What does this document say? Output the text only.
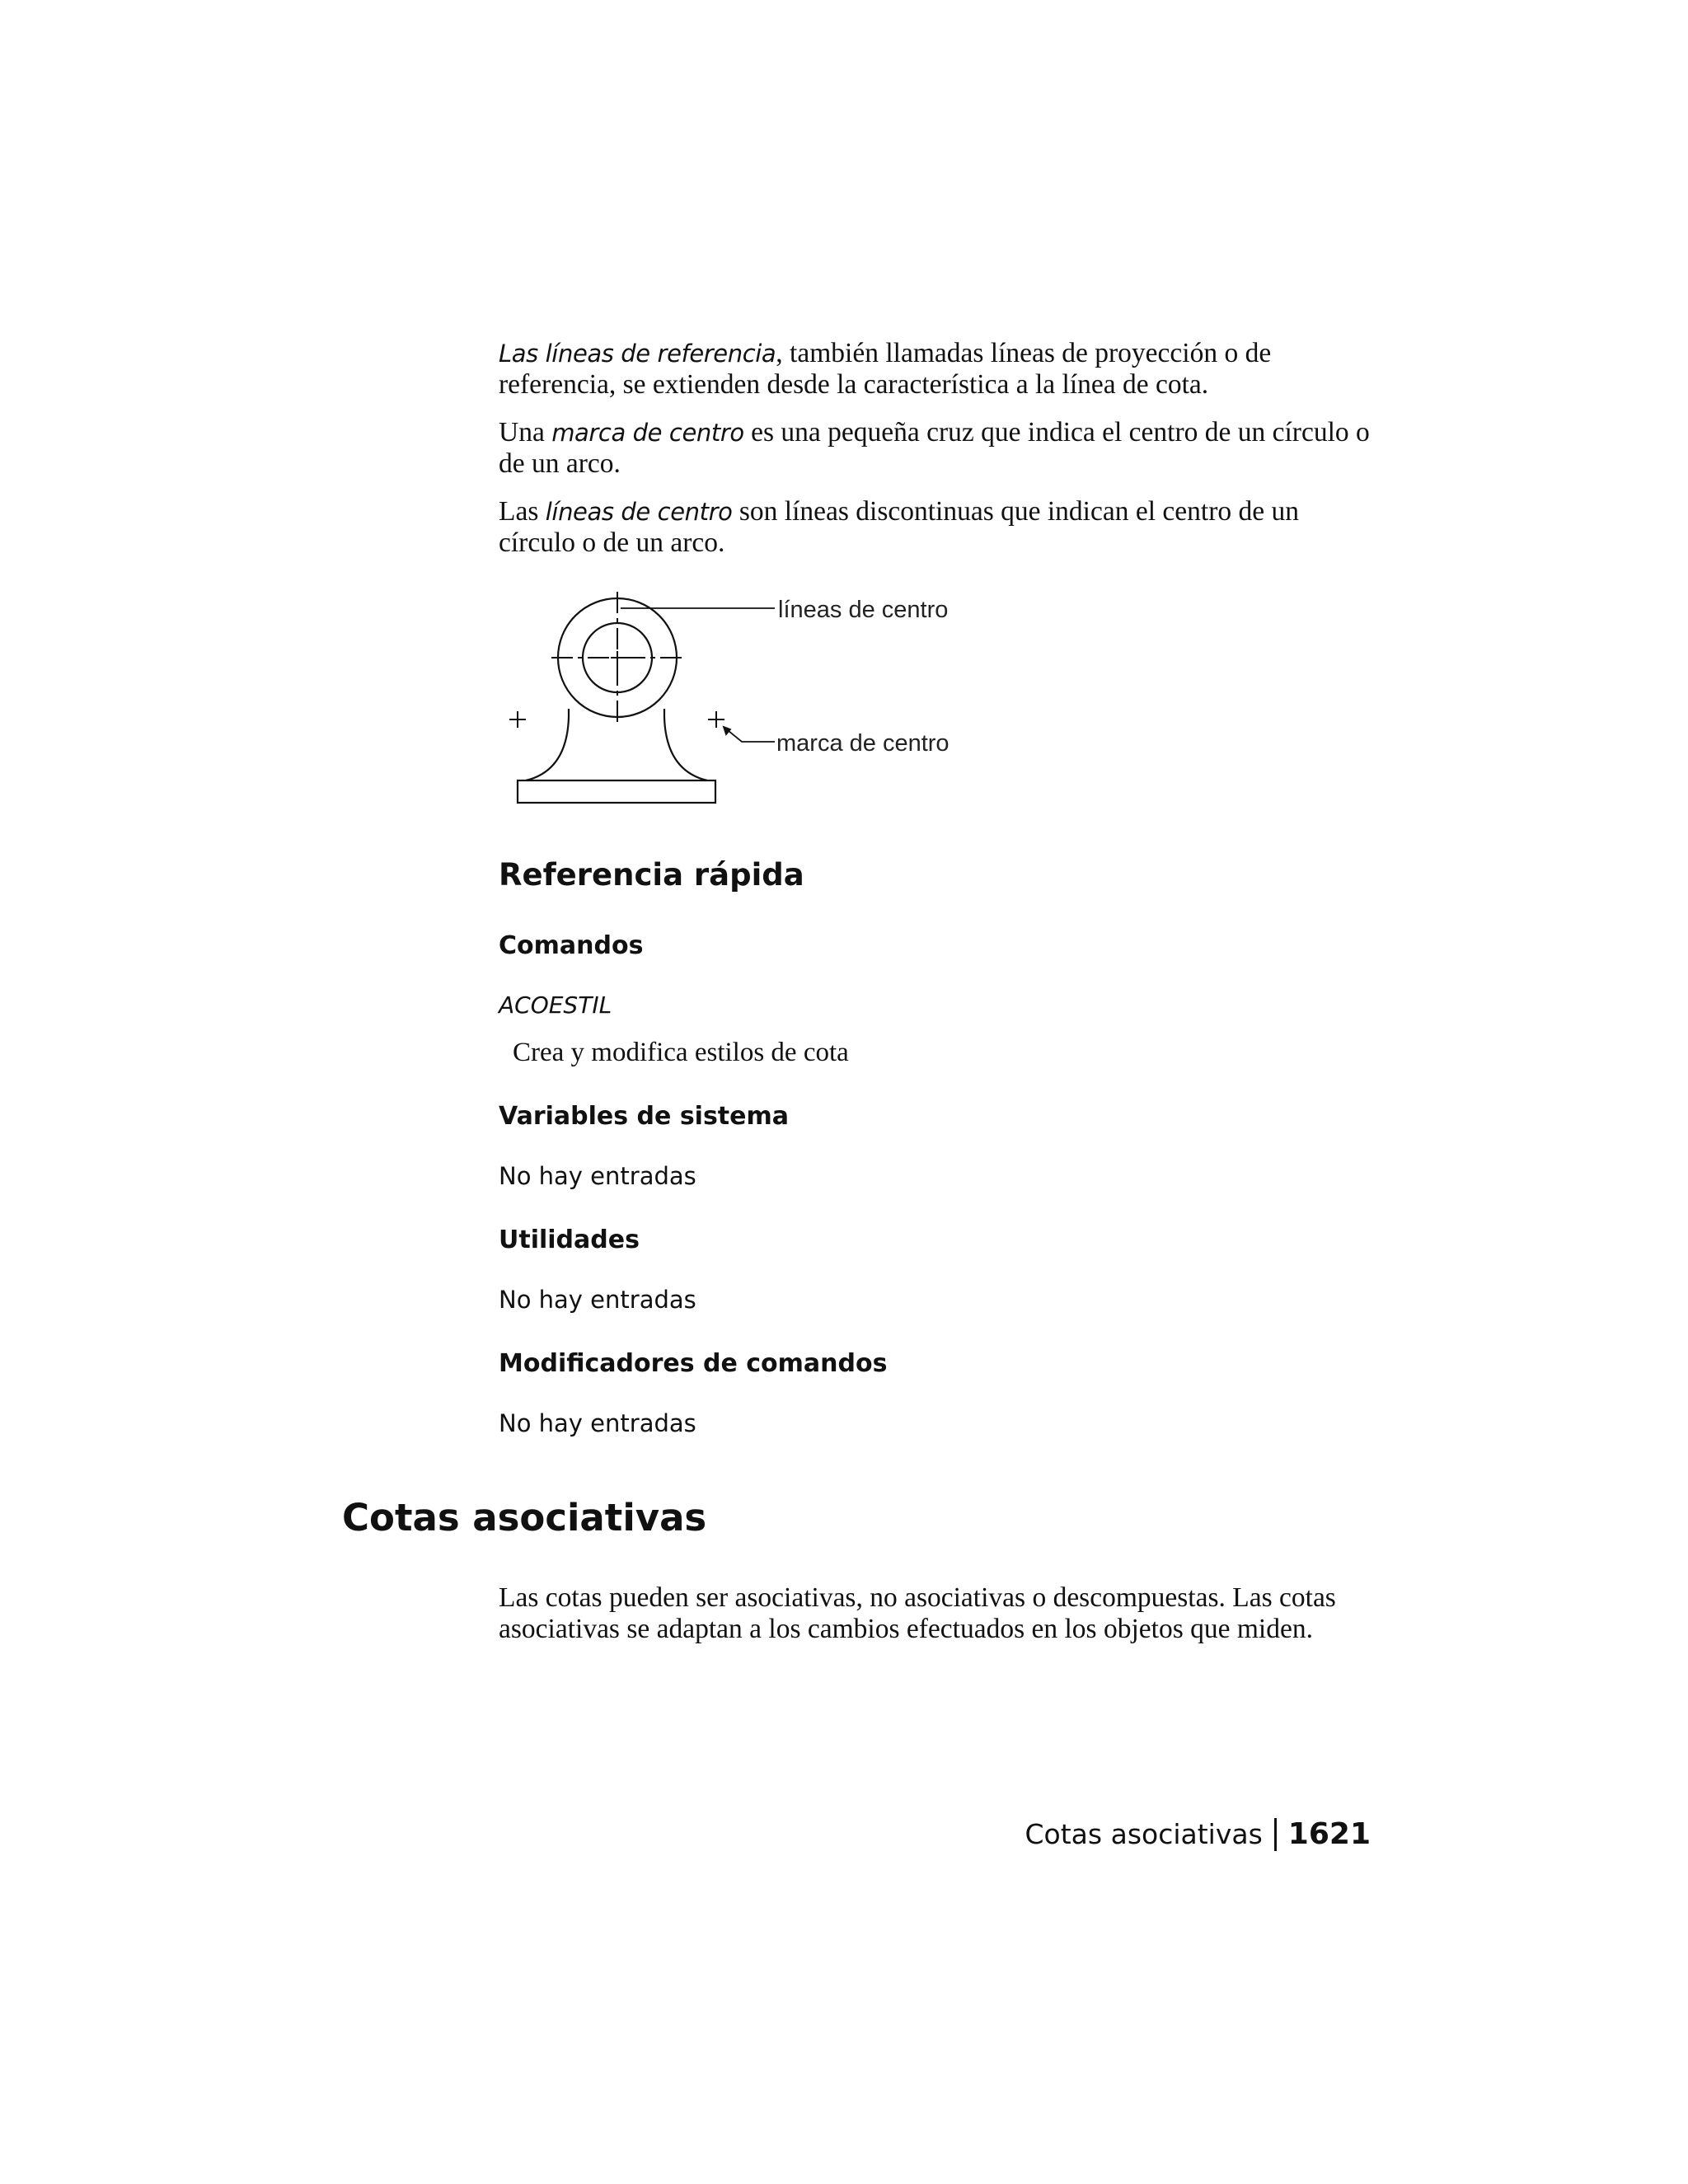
Las líneas de referencia, también llamadas líneas de proyección o de referencia, se extienden desde la característica a la línea de cota.

Una marca de centro es una pequeña cruz que indica el centro de un círculo o de un arco.

Las líneas de centro son líneas discontinuas que indican el centro de un círculo o de un arco.

líneas de centro
marca de centro
Referencia rápida
Comandos

ACOESTIL

Crea y modifica estilos de cota

Variables de sistema

No hay entradas

Utilidades

No hay entradas

Modificadores de comandos

No hay entradas

Cotas asociativas

Las cotas pueden ser asociativas, no asociativas o descompuestas. Las cotas asociativas se adaptan a los cambios efectuados en los objetos que miden.

Cotas asociativas 1621
